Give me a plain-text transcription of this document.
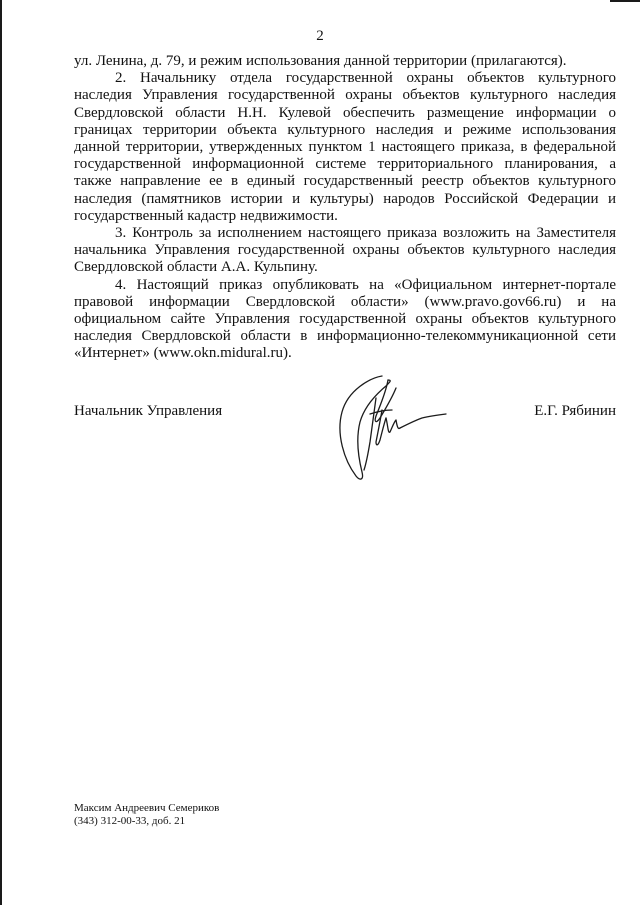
2

ул. Ленина, д. 79, и режим использования данной территории (прилагаются).

2. Начальнику отдела государственной охраны объектов культурного наследия Управления государственной охраны объектов культурного наследия Свердловской области Н.Н. Кулевой обеспечить размещение информации о границах территории объекта культурного наследия и режиме использования данной территории, утвержденных пунктом 1 настоящего приказа, в федеральной государственной информационной системе территориального планирования, а также направление ее в единый государственный реестр объектов культурного наследия (памятников истории и культуры) народов Российской Федерации и государственный кадастр недвижимости.

3. Контроль за исполнением настоящего приказа возложить на Заместителя начальника Управления государственной охраны объектов культурного наследия Свердловской области А.А. Кульпину.

4. Настоящий приказ опубликовать на «Официальном интернет-портале правовой информации Свердловской области» (www.pravo.gov66.ru) и на официальном сайте Управления государственной охраны объектов культурного наследия Свердловской области в информационно-телекоммуникационной сети «Интернет» (www.okn.midural.ru).

Начальник Управления	Е.Г. Рябинин
Максим Андреевич Семериков
(343) 312-00-33, доб. 21
